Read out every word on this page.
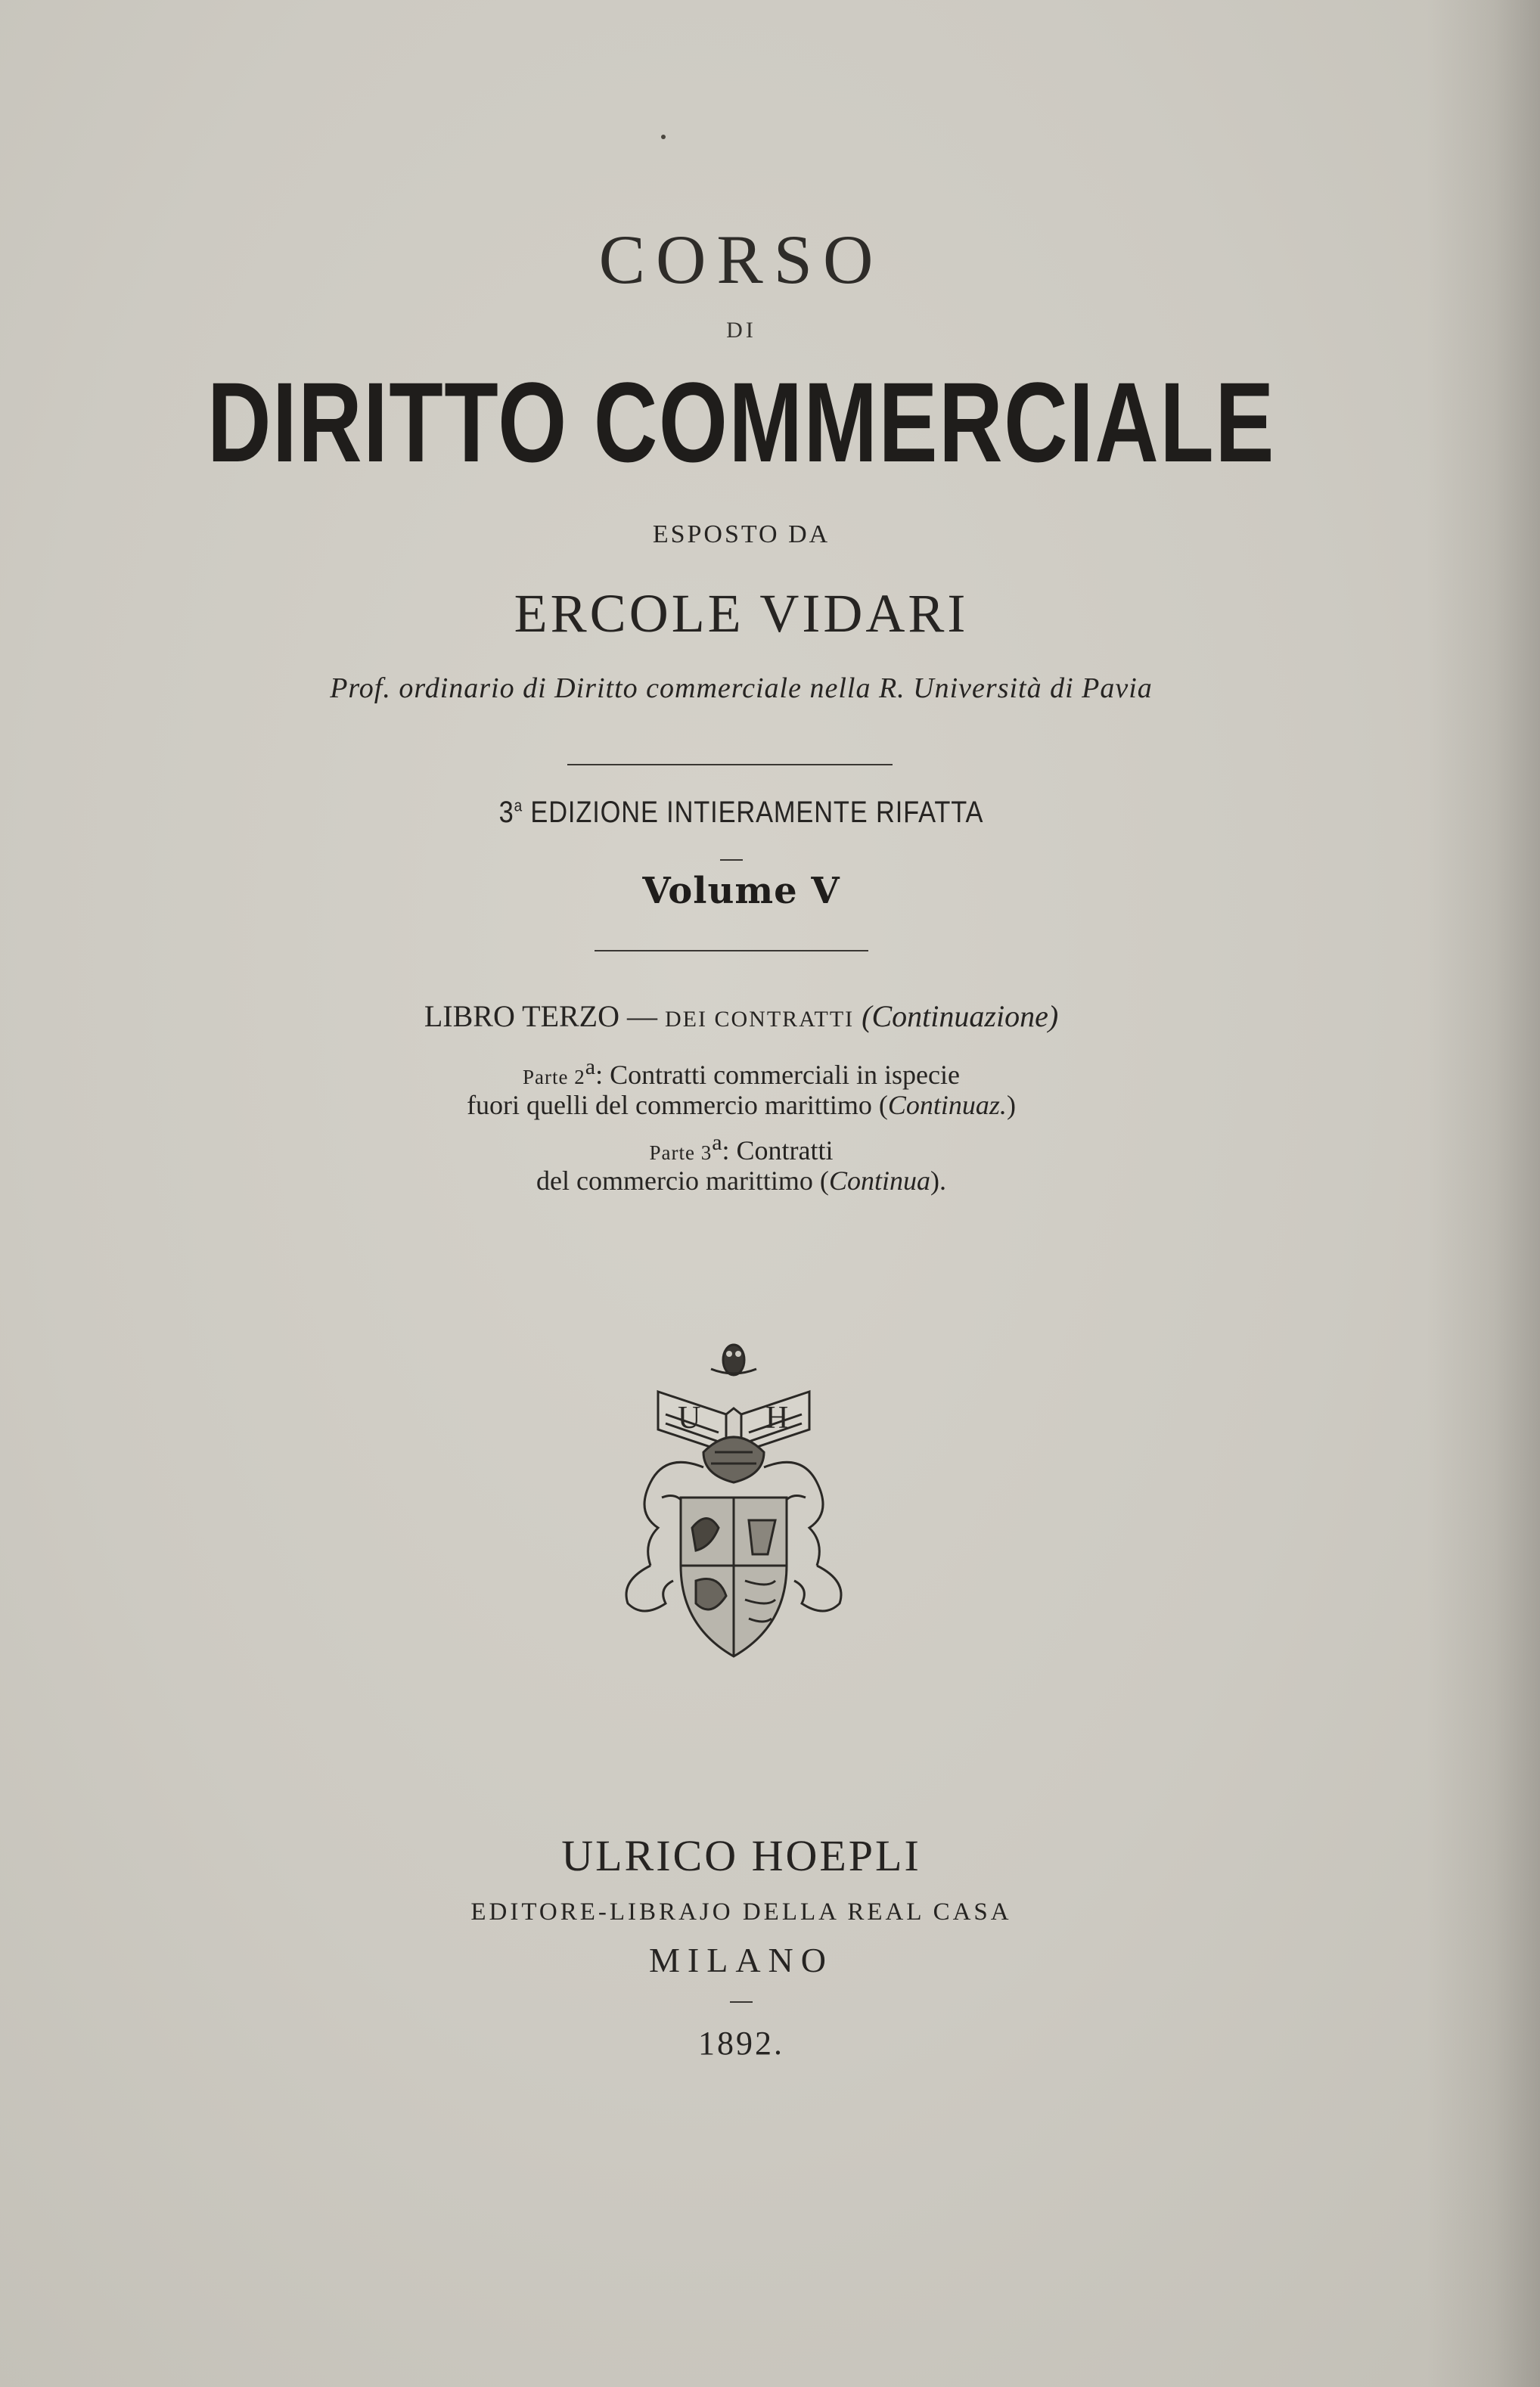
CORSO
DI
DIRITTO COMMERCIALE
ESPOSTO DA
ERCOLE VIDARI
Prof. ordinario di Diritto commerciale nella R. Università di Pavia
3$^a$ EDIZIONE INTIERAMENTE RIFATTA
Volume V
LIBRO TERZO — DEI CONTRATTI (Continuazione)
Parte 2$^a$: Contratti commerciali in ispecie
fuori quelli del commercio marittimo (Continuaz.)
Parte 3$^a$: Contratti
del commercio marittimo (Continua).
U H
ULRICO HOEPLI
EDITORE-LIBRAJO DELLA REAL CASA
MILANO
1892.
